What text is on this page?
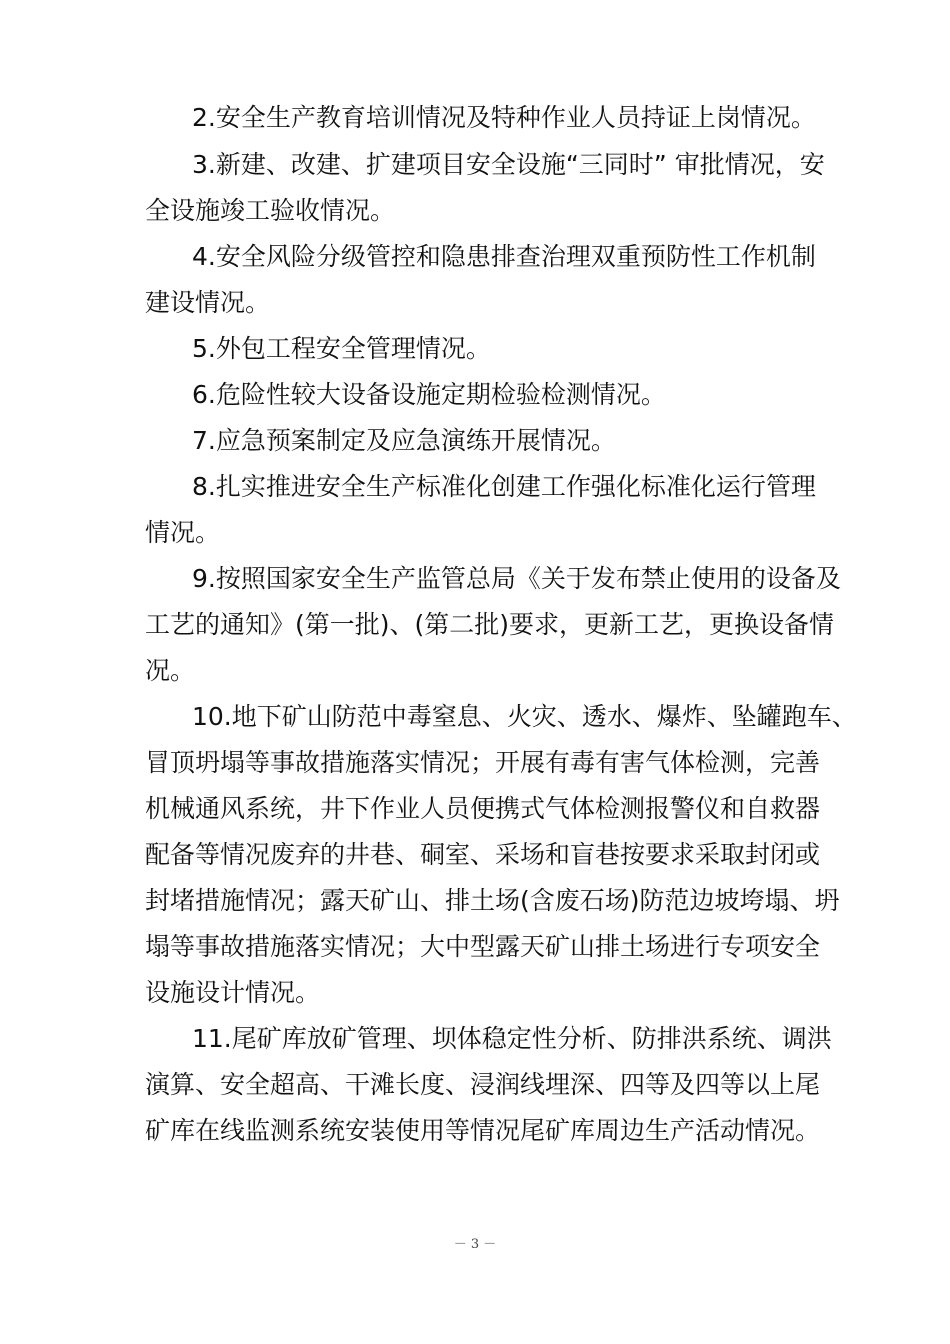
2.安全生产教育培训情况及特种作业人员持证上岗情况。
3.新建、改建、扩建项目安全设施“三同时” 审批情况，安
全设施竣工验收情况。
4.安全风险分级管控和隐患排查治理双重预防性工作机制
建设情况。
5.外包工程安全管理情况。
6.危险性较大设备设施定期检验检测情况。
7.应急预案制定及应急演练开展情况。
8.扎实推进安全生产标准化创建工作强化标准化运行管理
情况。
9.按照国家安全生产监管总局《关于发布禁止使用的设备及
工艺的通知》(第一批)、(第二批)要求，更新工艺，更换设备情
况。
10.地下矿山防范中毒窒息、火灾、透水、爆炸、坠罐跑车、
冒顶坍塌等事故措施落实情况；开展有毒有害气体检测，完善
机械通风系统，井下作业人员便携式气体检测报警仪和自救器
配备等情况废弃的井巷、硐室、采场和盲巷按要求采取封闭或
封堵措施情况；露天矿山、排土场(含废石场)防范边坡垮塌、坍
塌等事故措施落实情况；大中型露天矿山排土场进行专项安全
设施设计情况。
11.尾矿库放矿管理、坝体稳定性分析、防排洪系统、调洪
演算、安全超高、干滩长度、浸润线埋深、四等及四等以上尾
矿库在线监测系统安装使用等情况尾矿库周边生产活动情况。
－ 3 －
